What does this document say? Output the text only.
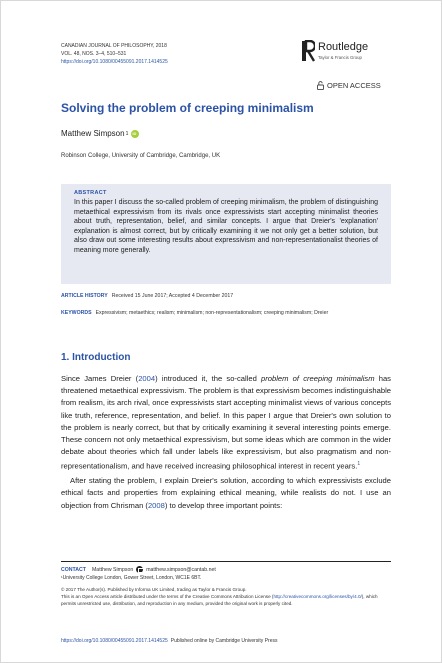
CANADIAN JOURNAL OF PHILOSOPHY, 2018
VOL. 48, NOS. 3–4, 510–531
https://doi.org/10.1080/00455091.2017.1414525
Routledge
Taylor & Francis Group
OPEN ACCESS
Solving the problem of creeping minimalism
Matthew Simpson 1
iD
Robinson College, University of Cambridge, Cambridge, UK
ABSTRACT
In this paper I discuss the so-called problem of creeping minimalism, the problem of distinguishing metaethical expressivism from its rivals once expressivists start accepting minimalist theories about truth, representation, belief, and similar concepts. I argue that Dreier's 'explanation' explanation is almost correct, but by critically examining it we not only get a better solution, but also draw out some interesting results about expressivism and non-representationalist theories of meaning more generally.
ARTICLE HISTORY Received 15 June 2017; Accepted 4 December 2017
KEYWORDS Expressivism; metaethics; realism; minimalism; non-representationalism; creeping minimalism; Dreier
1. Introduction

Since James Dreier (2004) introduced it, the so-called problem of creeping minimalism has threatened metaethical expressivism. The problem is that expressivism becomes indistinguishable from realism, its arch rival, once expressivists start accepting minimalist views of various concepts like truth, reference, representation, and belief. In this paper I argue that Dreier's own solution to the problem is nearly correct, but that by critically examining it several interesting points emerge. These concern not only metaethical expressivism, but some ideas which are common in the wider debate about theories which fall under labels like expressivism, but also pragmatism and non-representationalism, and have received increasing philosophical interest in recent years.$^1$

After stating the problem, I explain Dreier's solution, according to which expressivists exclude ethical facts and properties from explaining ethical meaning, while realists do not. I use an objection from Chrisman (2008) to develop three important points:

CONTACT Matthew Simpson	matthew.simpson@cantab.net
¹University College London, Gower Street, London, WC1E 6BT.
© 2017 The Author(s). Published by Informa UK Limited, trading as Taylor & Francis Group.
This is an Open Access article distributed under the terms of the Creative Commons Attribution License (http://creativecommons.org/licenses/by/4.0/), which permits unrestricted use, distribution, and reproduction in any medium, provided the original work is properly cited.
https://doi.org/10.1080/00455091.2017.1414525 Published online by Cambridge University Press
